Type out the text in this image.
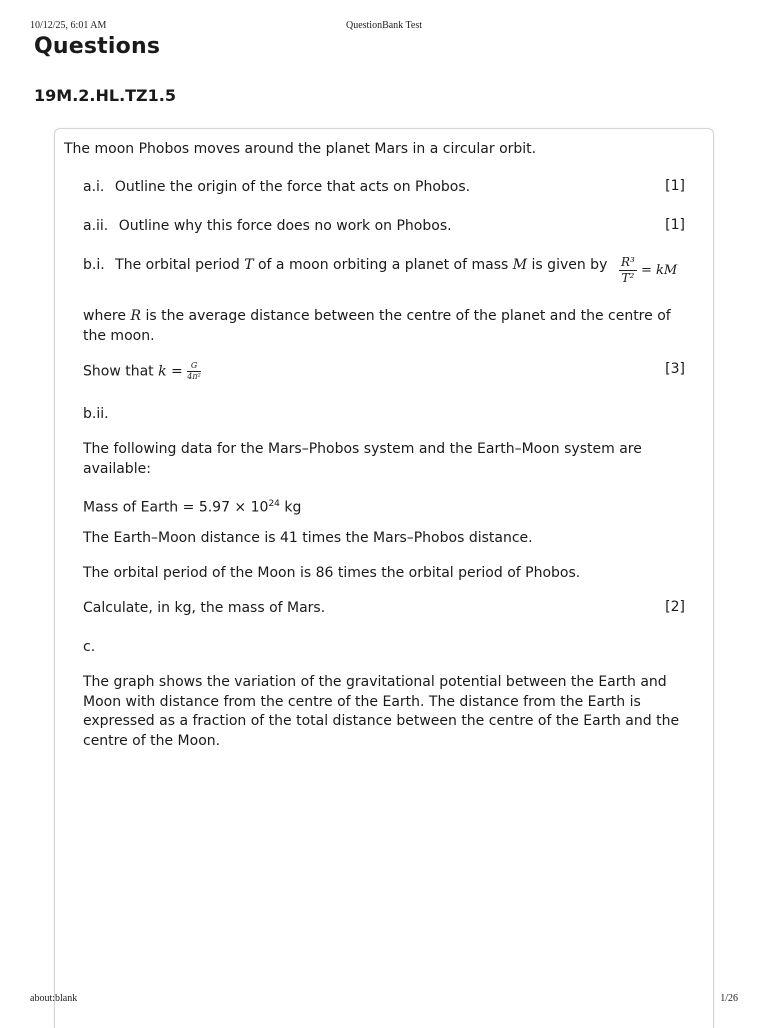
10/12/25, 6:01 AM	QuestionBank Test
Questions
19M.2.HL.TZ1.5
The moon Phobos moves around the planet Mars in a circular orbit.
a.i. Outline the origin of the force that acts on Phobos.	[1]
a.ii. Outline why this force does no work on Phobos.	[1]
b.i. The orbital period T of a moon orbiting a planet of mass M is given by $\frac{\text{R³}}{\text{T²}}$ = kM
where R is the average distance between the centre of the planet and the centre of the moon.
Show that $k = \frac{G}{\text{4π²}}$	[3]
b.ii.
The following data for the Mars–Phobos system and the Earth–Moon system are available:
Mass of Earth = $5.97 \times 10^{24}$ kg
The Earth–Moon distance is 41 times the Mars–Phobos distance.
The orbital period of the Moon is 86 times the orbital period of Phobos.
Calculate, in kg, the mass of Mars.	[2]
c.
The graph shows the variation of the gravitational potential between the Earth and Moon with distance from the centre of the Earth. The distance from the Earth is expressed as a fraction of the total distance between the centre of the Earth and the centre of the Moon.
about:blank	1/26
